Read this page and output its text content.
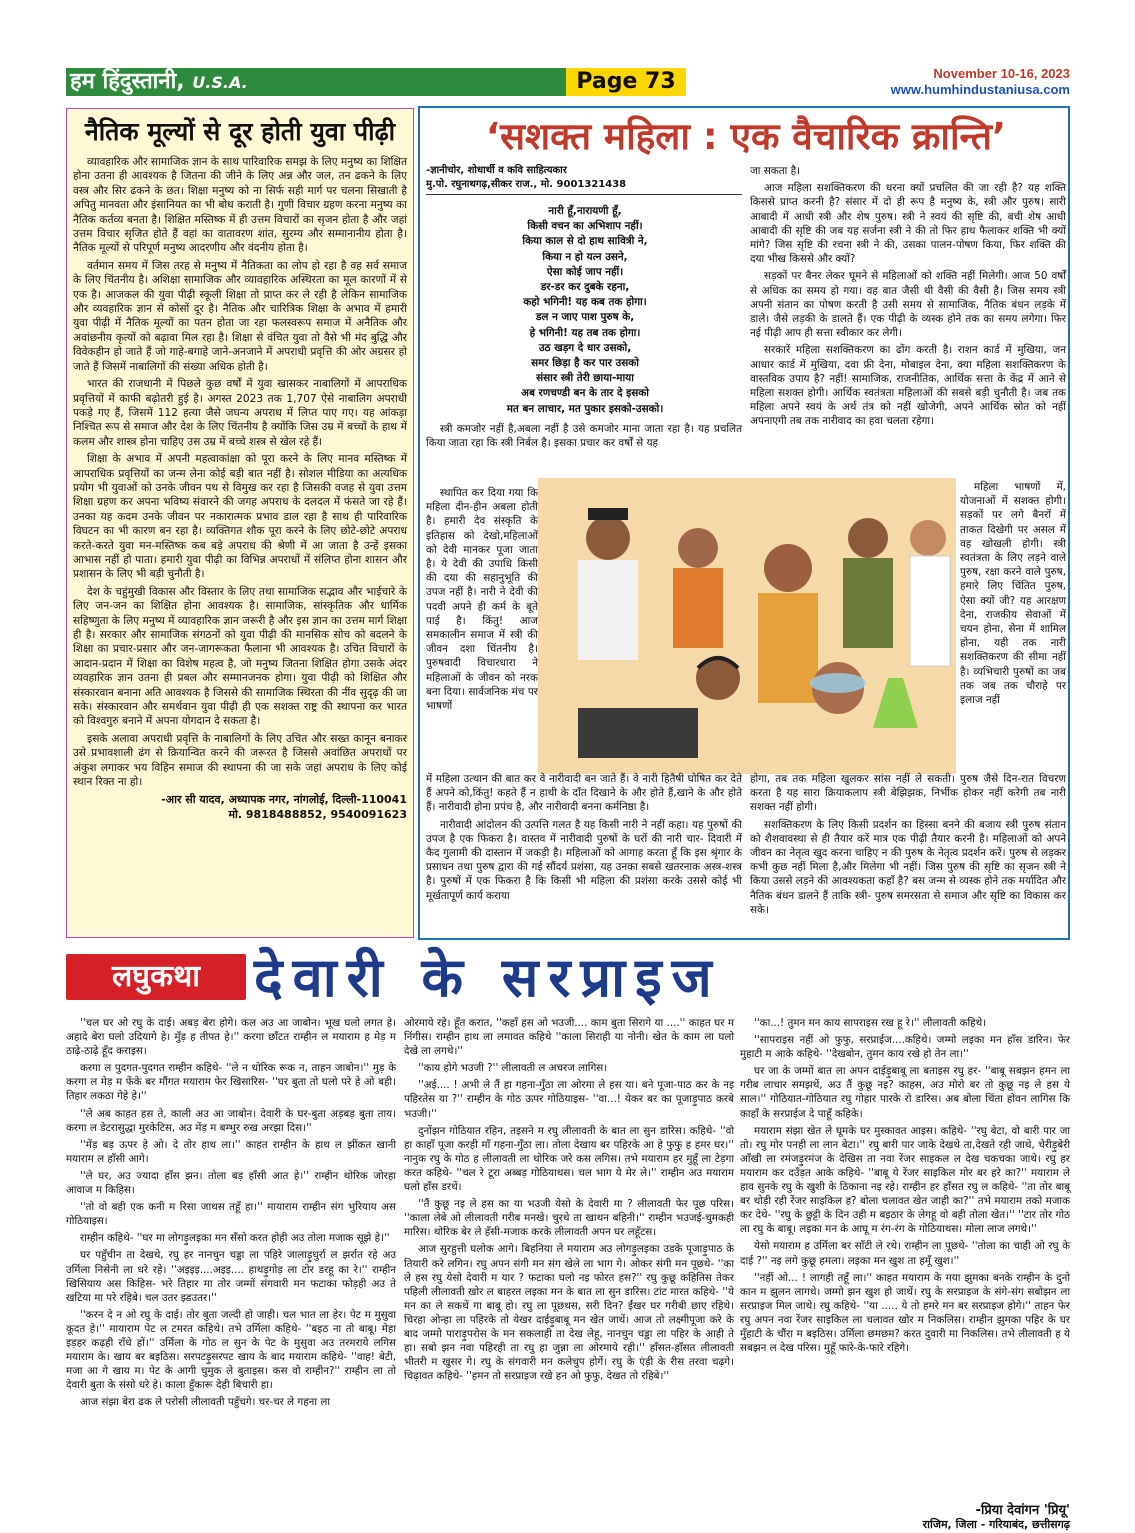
हम हिंदुस्तानी, U.S.A.	Page 73	November 10-16, 2023
www.humhindustaniusa.com
नैतिक मूल्यों से दूर होती युवा पीढ़ी

व्यावहारिक और सामाजिक ज्ञान के साथ पारिवारिक समझ के लिए मनुष्य का शिक्षित होना उतना ही आवश्यक है जितना की जीने के लिए अन्न और जल, तन ढकने के लिए वस्त्र और सिर ढकने के छत। शिक्षा मनुष्य को ना सिर्फ सही मार्ग पर चलना सिखाती है अपितु मानवता और इंसानियत का भी बोध कराती है। गुणी विचार ग्रहण करना मनुष्य का नैतिक कर्तव्य बनता है। शिक्षित मस्तिष्क में ही उत्तम विचारों का सृजन होता है और जहां उत्तम विचार सृजित होते हैं वहां का वातावरण शांत, सुरम्य और सम्मानानीय होता है। नैतिक मूल्यों से परिपूर्ण मनुष्य आदरणीय और वंदनीय होता है।

वर्तमान समय में जिस तरह से मनुष्य में नैतिकता का लोप हो रहा है वह सर्व समाज के लिए चिंतनीय है। अशिक्षा सामाजिक और व्यावहारिक अस्थिरता का मूल कारणों में से एक है। आजकल की युवा पीढ़ी स्कूली शिक्षा तो प्राप्त कर ले रही है लेकिन सामाजिक और व्यवहारिक ज्ञान से कोसों दूर है। नैतिक और चारित्रिक शिक्षा के अभाव में हमारी युवा पीढ़ी में नैतिक मूल्यों का पतन होता जा रहा फलस्वरूप समाज में अनैतिक और अवांछनीय कृत्यों को बढ़ावा मिल रहा है। शिक्षा से वंचित युवा तो वैसे भी मंद बुद्धि और विवेकहीन हो जाते हैं जो गाहे-बगाहे जाने-अनजाने में अपराधी प्रवृत्ति की ओर अग्रसर हो जाते हैं जिसमें नाबालिगों की संख्या अधिक होती है।

भारत की राजधानी में पिछले कुछ वर्षों में युवा खासकर नाबालिगों में आपराधिक प्रवृत्तियों में काफी बढ़ोतरी हुई है। अगस्त 2023 तक 1,707 ऐसे नाबालिग अपराधी पकड़े गए हैं, जिसमें 112 हत्या जैसे जघन्य अपराध में लिप्त पाए गए। यह आंकड़ा निश्चित रूप से समाज और देश के लिए चिंतनीय है क्योंकि जिस उम्र में बच्चों के हाथ में कलम और शास्त्र होना चाहिए उस उम्र में बच्चे शस्त्र से खेल रहे हैं।

शिक्षा के अभाव में अपनी महत्वाकांक्षा को पूरा करने के लिए मानव मस्तिष्क में आपराधिक प्रवृत्तियों का जन्म लेना कोई बड़ी बात नहीं है। सोशल मीडिया का अत्यधिक प्रयोग भी युवाओं को उनके जीवन पथ से विमुख कर रहा है जिसकी वजह से युवा उत्तम शिक्षा ग्रहण कर अपना भविष्य संवारने की जगह अपराध के दलदल में फंसते जा रहे हैं। उनका यह कदम उनके जीवन पर नकारात्मक प्रभाव डाल रहा है साथ ही पारिवारिक विघटन का भी कारण बन रहा है। व्यक्तिगत शौक पूरा करने के लिए छोटे-छोटे अपराध करते-करते युवा मन-मस्तिष्क कब बड़े अपराध की श्रेणी में आ जाता है उन्हें इसका आभास नहीं हो पाता। हमारी युवा पीढ़ी का विभिन्न अपराधों में संलिप्त होना शासन और प्रशासन के लिए भी बड़ी चुनौती है।

देश के चहुंमुखी विकास और विस्तार के लिए तथा सामाजिक सद्भाव और भाईचारे के लिए जन-जन का शिक्षित होना आवश्यक है। सामाजिक, सांस्कृतिक और धार्मिक सहिष्णुता के लिए मनुष्य में व्यावहारिक ज्ञान जरूरी है और इस ज्ञान का उत्तम मार्ग शिक्षा ही है। सरकार और सामाजिक संगठनों को युवा पीढ़ी की मानसिक सोच को बदलने के शिक्षा का प्रचार-प्रसार और जन-जागरूकता फैलाना भी आवश्यक है। उचित विचारों के आदान-प्रदान में शिक्षा का विशेष महत्व है, जो मनुष्य जितना शिक्षित होगा उसके अंदर व्यवहारिक ज्ञान उतना ही प्रबल और सम्मानजनक होगा। युवा पीढ़ी को शिक्षित और संस्कारवान बनाना अति आवश्यक है जिससे की सामाजिक स्थिरता की नींव सुदृढ़ की जा सके। संस्कारवान और समर्थवान युवा पीढ़ी ही एक सशक्त राष्ट्र की स्थापना कर भारत को विश्वगुरु बनाने में अपना योगदान दे सकता है।

इसके अलावा अपराधी प्रवृत्ति के नाबालिगों के लिए उचित और सख्त कानून बनाकर उसे प्रभावशाली ढंग से क्रियान्वित करने की जरूरत है जिससे अवांछित अपराधों पर अंकुश लगाकर भय विहिन समाज की स्थापना की जा सके जहां अपराध के लिए कोई स्थान रिक्त ना हो।

-आर सी यादव, अध्यापक नगर, नांगलोई, दिल्ली-110041
मो. 9818488852, 9540091623
‘सशक्त महिला : एक वैचारिक क्रान्ति’
-ज्ञानीचोर, शोधार्थी व कवि साहित्यकार
मु.पो. रघुनाथगढ़,सीकर राज., मो. 9001321438
नारी हूँ,नारायणी हूँ,
किसी वचन का अभिशाप नहीं।
किया काल से दो हाथ सावित्री ने,
किया न हो यत्न उसने,
ऐसा कोई जाप नहीं।
डर-डर कर दुबके रहना,
कहो भगिनी! यह कब तक होगा।
डल न जाए पाश पुरुष के,
हे भगिनी! यह तब तक होगा।
उठ खड़ग दे धार उसको,
समर छिड़ा है कर पार उसको
संसार स्त्री तेरी छाया-माया
अब रणचण्डी बन के तार दे इसको
मत बन लाचार, मत पुकार इसको-उसको।

स्त्री कमजोर नहीं है,अबला नहीं है उसे कमजोर माना जाता रहा है। यह प्रचलित किया जाता रहा कि स्त्री निर्बल है। इसका प्रचार कर वर्षों से यह

स्थापित कर दिया गया कि महिला दीन-हीन अबला होती है। हमारी देव संस्कृति के इतिहास को देखो,महिलाओं को देवी मानकर पूजा जाता है। ये देवी की उपाधि किसी की दया की सहानुभूति की उपज नहीं है। नारी ने देवी की पदवी अपने ही कर्म के बूते पाई है। किंतु! आज समकालीन समाज में स्त्री की जीवन दशा चिंतनीय है। पुरुषवादी विचारधारा ने महिलाओं के जीवन को नरक बना दिया। सार्वजनिक मंच पर भाषणों

जा सकता है।

आज महिला सशक्तिकरण की धरना क्यों प्रचलित की जा रही है? यह शक्ति किससे प्राप्त करनी है? संसार में दो ही रूप है मनुष्य के, स्त्री और पुरुष। सारी आबादी में आधी स्त्री और शेष पुरुष। स्त्री ने स्वयं की सृष्टि की, बची शेष आधी आबादी की सृष्टि की जब यह सर्जना स्त्री ने की तो फिर हाथ फैलाकर शक्ति भी क्यों मांगे? जिस सृष्टि की रचना स्त्री ने की, उसका पालन-पोषण किया, फिर शक्ति की दया भीख किससे और क्यों?

सड़कों पर बैनर लेकर घूमने से महिलाओं को शक्ति नहीं मिलेगी। आज 50 वर्षों से अधिक का समय हो गया। वह बात जैसी थी वैसी की वैसी है। जिस समय स्त्री अपनी संतान का पोषण करती है उसी समय से सामाजिक, नैतिक बंधन लड़के में डाले। जैसे लड़की के डालते हैं। एक पीढ़ी के व्यस्क होने तक का समय लगेगा। फिर नई पीढ़ी आप ही सत्ता स्वीकार कर लेगी।

सरकारें महिला सशक्तिकरण का ढोंग करती है। राशन कार्ड में मुखिया, जन आधार कार्ड में मुखिया, दवा फ्री देना, मोबाइल देना, क्या महिला सशक्तिकरण के वास्तविक उपाय है? नहीं! सामाजिक, राजनीतिक, आर्थिक सत्ता के केंद्र में आने से महिला सशक्त होगी। आर्थिक स्वतंत्रता महिलाओं की सबसे बड़ी चुनौती है। जब तक महिला अपने स्वयं के अर्थ तंत्र को नहीं खोजेगी, अपने आर्थिक स्रोत को नहीं अपनाएगी तब तक नारीवाद का हवा चलता रहेगा।

महिला भाषणों में, योजनाओं में सशक्त होगी। सड़कों पर लगे बैनरों में ताकत दिखेगी पर असल में वह खोखली होगी। स्त्री स्वतंत्रता के लिए लड़ने वाले पुरुष, रक्षा करने वाले पुरुष, हमारे लिए चिंतित पुरुष, ऐसा क्यों जी? यह आरक्षण देना, राजकीय सेवाओं में चयन होना, सेना में शामिल होना, यही तक नारी सशक्तिकरण की सीमा नहीं है। व्यभिचारी पुरुषों का जब तक जब तक चौराहे पर इलाज नहीं

में महिला उत्थान की बात कर वे नारीवादी बन जाते हैं। वे नारी हितैषी घोषित कर देते हैं अपने को,किंतु! कहते हैं न हाथी के दाँत दिखाने के और होते हैं,खाने के और होते हैं। नारीवादी होना प्रपंच है, और नारीवादी बनना कर्मनिष्ठा है।

नारीवादी आंदोलन की उत्पत्ति गलत है यह किसी नारी ने नहीं कहा। यह पुरुषों की उपज है एक फिकरा है। वास्तव में नारीवादी पुरुषों के घरों की नारी चार- दिवारी में कैद गुलामी की दास्तान में जकड़ी है। महिलाओं को आगाह करता हूँ कि इस श्रृंगार के प्रसाधन तथा पुरुष द्वारा की गई सौंदर्य प्रशंसा, यह उनका सबसे खतरनाक अस्त्र-शस्त्र है। पुरुषों में एक फिकरा है कि किसी भी महिला की प्रशंसा करके उससे कोई भी मूर्खतापूर्ण कार्य कराया

होगा, तब तक महिला खुलकर सांस नहीं ले सकती। पुरुष जैसे दिन-रात विचरण करता है यह सारा क्रियाकलाप स्त्री बेझिझक, निर्भीक होकर नहीं करेगी तब नारी सशक्त नहीं होगी।

सशक्तिकरण के लिए किसी प्रदर्शन का हिस्सा बनने की बजाय स्त्री पुरुष संतान को शैशवावस्था से ही तैयार करें मात्र एक पीढ़ी तैयार करनी है। महिलाओं को अपने जीवन का नेतृत्व खुद करना चाहिए न की पुरुष के नेतृत्व प्रदर्शन करें। पुरुष से लड़कर कभी कुछ नहीं मिला है,और मिलेगा भी नहीं। जिस पुरुष की सृष्टि का सृजन स्त्री ने किया उससे लड़ने की आवश्यकता कहाँ है? बस जन्म से व्यस्क होने तक मर्यादित और नैतिक बंधन डालने हैं ताकि स्त्री- पुरुष समरसता से समाज और सृष्टि का विकास कर सके।

लघुकथा देवारी के सरप्राइज

''चल घर ओ रघु के दाई। अबड़ बेरा होगे। कल अउ आ जाबोन। भूख घलो लगत हे। अहादे बेरा घलो उदियागे हे। मुँड़ ह तीपत हे।'' करगा छाँटत राम्हीन ल मयाराम ह मेड़ म ठाढ़े-ठाढ़े हूँद कराइस।

करगा ल पुदगत-पुदगत राम्हीन कहिथे- ''ले न थोरिक रूक न, ताहन जाबोन।'' मुड़ के करगा ल मेड़ म फेंके बर मौंगत मयाराम फेर खिसारिस- ''घर बुता तो घलो परे हे ओ बही। तिहार लकठा गेहे हे।''

''ले अब काहत हस ते, काली अउ आ जाबोन। देवारी के घर-बुता अड़बड़ बुता ताय। करगा ल डेटरासुद्धा मुरकेटिस, अउ मेंड़ म बम्भुर रुख अरझा दिस।''

''मेंड़ बड़ ऊपर हे ओ। दे तोर हाथ ला।'' काहत राम्हीन के हाथ ल झींकत खानी मयाराम ल हाँसी आगे।

''ले घर, अउ ज्यादा हाँस झन। तोला बड़ हाँसी आत हे।'' राम्हीन थोरिक जोरहा आवाज म किहिस।

''तो वो बही एक कनी म रिसा जाथस तहूँ हा।'' मायाराम राम्हीन संग भुरियाय अस गोठियाइस।

राम्हीन कहिथे- ''घर मा लोगड़ुलइका मन सँसो करत होही अउ तोला मजाक सूझे हे।''

घर पहुँचीन ता देखथे, रघु हर नानचुन चड्डा ला पहिरे जालाड़ुधुर्रा ल झर्रात रहे अउ उर्मिला निसेनी ला धरे रहे। ''अइइइ....अइइ.... हाथड़ुगोड़ ला टोर डरहू का रे।'' राम्हीन खिसियाय अस किहिस- भरे तिहार मा तोर जम्मों संगवारी मन फटाका फोड़ही अउ ते खटिया मा परे रहिबे। चल उतर झ्डउतर।''

''करन दे न ओ रघु के दाई। तोर बुता जल्दी हो जाही। चल भात ला हेर। पेट म मुसुवा कूदत हे।'' मायाराम पेट ल टमरत कहिथे। तभे उर्मिला कहिथे- ''बइठ ना तो बाबू। मेहा इड़हर कढ़ही राँधे हों।'' उर्मिला के गोठ ल सुन के पेट के मुसुवा अउ तरमराये लगिस मयाराम के। खाय बर बइठिस। सरपटड़ुसरपट खाय के बाद मयाराम कहिथे- ''वाह! बेटी, मजा आ गे खाय म। पेट के आगी चुमुक ले बुताइस। कस वो राम्हीन?'' राम्हीन ला तो देवारी बुता के संसो धरे हे। काला हुँकारू देही बिचारी हा।

आज संझा बेरा ढक ले परोसी लीलावती पहुँचगे। चर-चर ले गहना ला

ओरमाये रहे। हूँत करात, ''कहाँ हस ओ भउजी.... काम बुता सिरागे या ....'' काहत घर म निंगीस। राम्हीन हाथ ला लमावत कहिथे ''काला सिराही या नोनी। खेत के काम ला घलो देखे ला लगथे।''

''काय होगे भउजी ?'' लीलावती ल अचरज लागिस।

''अई.... ! अभी ले तैं हा गहना-गुँठा ला ओरमा ले हस या। बने पूजा-पाठ कर के नइ पहिरतेस या ?'' राम्हीन के गोठ ऊपर गोठियाइस- ''वा...! येकर बर का पूजाड़ुपाठ करबे भउजी।''

दुनोंझन गोठियात रहिन, तइसने म रघु लीलावती के बात ला सुन डारिस। कहिथे- ''वो हा काहाँ पूजा करही माँ गहना-गुँठा ला। तोला देखाय बर पहिरके आ हे फुफु ह हमर घर।'' नानुक रघु के गोठ ह लीलावती ला थोरिक जरे कस लगिस। तभे मयाराम हर मुहूँ ला टेड़गा करत कहिथे- ''चल रे टूरा अब्बड़ गोठियाथस। चल भाग ये मेर ले।'' राम्हीन अउ मयाराम घलो हाँस डरथें।

''तैं कुछू नइ ले हस का या भउजी येसो के देवारी मा ? लीलावती फेर पूछ परिस। ''काला लेबे ओ लीलावती गरीब मनखे। चुरथे ता खाथन बहिनी।'' राम्हीन भउजई-चुमकही मारिस। थोरिक बेर ले हँसी-मजाक करके लीलावती अपन घर लहूँटस।

आज सुरहुत्ती घलोक आगे। बिहनिया ले मयाराम अउ लोगड़ुलइका उडके पूजाड़ुपाठ के तियारी करे लगिन। रघु अपन संगी मन संग खेले ला भाग गे। ओकर संगी मन पूछथे- ''का ले हस रघु येसो देवारी म यार ? फटाका घलो नइ फोरत हस?'' रघु कुछू कहितिस तेकर पहिली लीलावती खोर ल बाहरत लइका मन के बात ला सुन डारिस। टांट मारत कहिथे- ''ये मन का ले सकथें गा बाबू हो। रघु ला पूछथस, सरी दिन? ईंखर घर गरीबी छाए रहिथे। चिरहा ओन्हा ला पहिरके तो येखर दाईड़ुबाबू मन खेत जाथें। आज तो लक्ष्मीपूजा करे के बाद जम्मो पाराड़ुपरोस के मन सकलाही ता देख लेहू, नानचुन चड्डा ला पहिर के आही ते हा। सबो झन नवा पहिरही ता रघु हा जुन्ना ला ओरमाये रही।'' हाँसत-हाँसत लीलावती भीतरी म खुसर गे। रघु के संगवारी मन कलेचुप होगें। रघु के एंड़ी के रीस तरवा चढ़गे। चिढ़ावत कहिथे- ''हमन तो सरप्राइज रखे हन ओ फुफु, देखत तो रहिबे।''

''का...! तुमन मन काय सापराइस रख हू रे।'' लीलावती कहिथे।

''सापराइस नहीं ओ फुफु, सरप्राईज....कहिथे। जम्मो लइका मन हाँस डारिन। फेर मुहाटी म आके कहिथे- ''देखबोन, तुमन काय रखे हो तेन ला।''

घर जा के जम्मों बात ला अपन दाईड़ुबाबू ला बताइस रघु हर- ''बाबू सबझन हमन ला गरीब लाचार समझथें, अउ तैं कुछू नइ? काहस, अउ मोरो बर तो कुछू नइ ले हस ये साल।'' गोठियात-गोठियात रघु गोहार पारके रो डारिस। अब बोला चिंता होवन लागिस कि काहाँ के सरप्राईज दे पाहूँ कहिके।

मयाराम संझा खेत ले घूमके घर मुस्कावत आइस। कहिथे- ''रघु बेटा, वो बारी पार जा तो। रघु मोर पनही ला लान बेटा।'' रघु बारी पार जाके देखथे ता,देखते रही जाथे, चेरीड़ुबेरी आँखी ला रमंजड़ुरमंज के देखिस ता नवा रेंजर साइकल ल देख चकचका जाथे। रघु हर मयाराम कर दउँड़त आके कहिथे- ''बाबू ये रेंजर साइकिल मोर बर हरे का?'' मयाराम ले हाव सुनके रघु के खुशी के ठिकाना नइ रहे। राम्हीन हर हाँसत रघु ल कहिथे- ''ता तोर बाबू बर थोड़ी रही रेंजर साइकिल ह? बोला चलावत खेत जाही का?'' तभे मयाराम तको मजाक कर देथे- ''रघु के छुट्टी के दिन उही म बइठार के लेगहू वो बही तोला खेत।'' ''टार तोर गोठ ला रघु के बाबू। लइका मन के आघू म रंग-रंग के गोठियाथस। मोला लाज लगथे।''

येसो मयाराम ह उर्मिला बर साँटी ले रथे। राम्हीन ला पूछथे- ''तोला का चाही ओ रघु के दाई ?'' नइ लगे कुछू हमला। लइका मन खुश ता हमूँ खुश।''

''नहीं ओ... ! लागही तहूँ ला।'' काहत मयाराम के मया झुमका बनके राम्हीन के दुनो कान म झुलन लागथे। जम्मो झन खुश हो जाथें। रघु के सरप्राइज के संगे-संग सबोझन ला सरप्राइज मिल जाथे। रघु कहिथे- ''या ..... ये तो हमरे मन बर सरप्राइज होगे।'' ताहन फेर रघु अपन नवा रेंजर साइकिल ला चलावत खोर म निकलिस। राम्हीन झुमका पहिर के घर मुँहाटी के चौंरा म बइठिस। उर्मिला छमछम? करत दुवारी मा निकलिस। तभे लीलावती ह ये सबझन ल देख परिस। मुहूँ फारे-के-फारे रहिगे।

-प्रिया देवांगन 'प्रियू'
राजिम, जिला - गरियाबंद, छत्तीसगढ़
